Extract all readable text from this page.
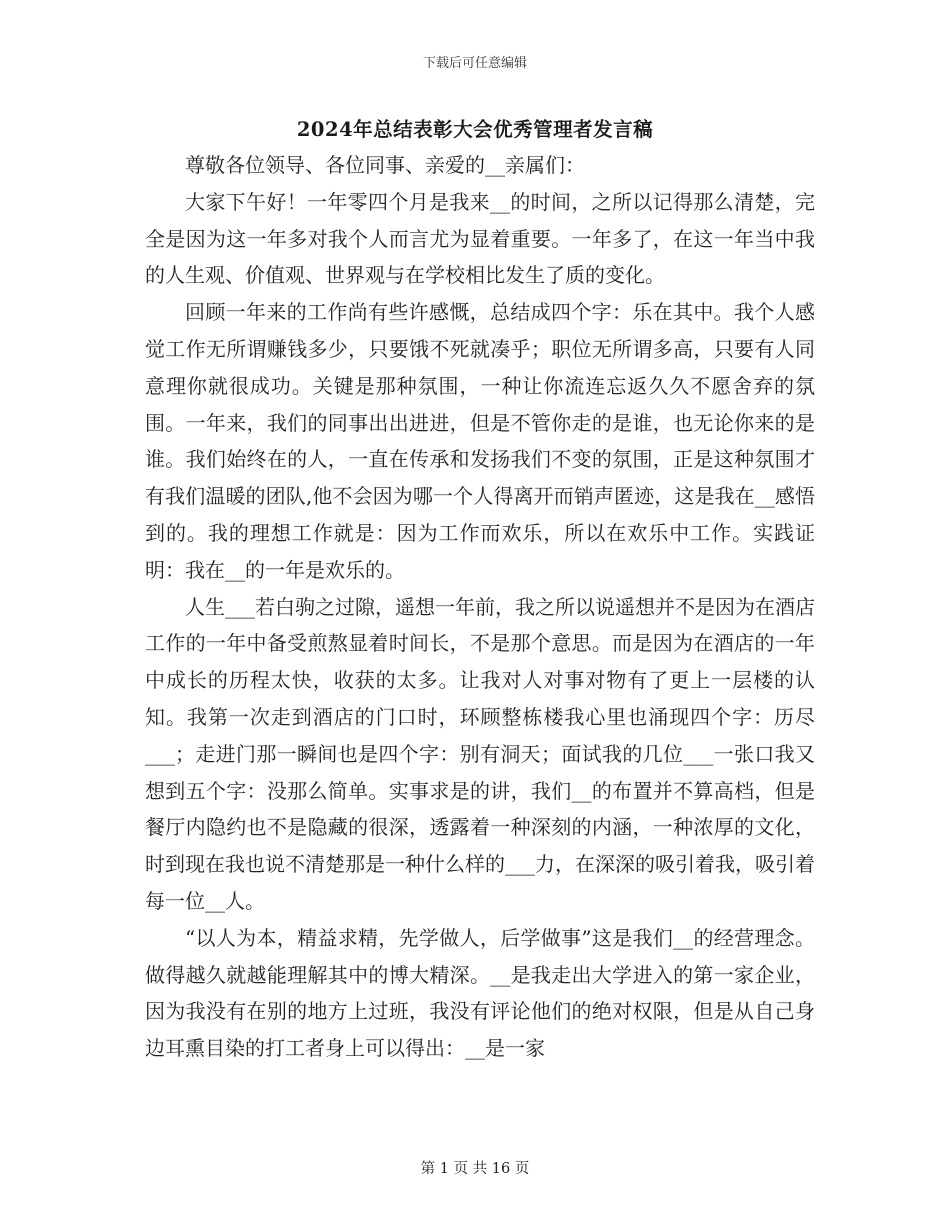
下载后可任意编辑
2024年总结表彰大会优秀管理者发言稿

尊敬各位领导、各位同事、亲爱的__亲属们：

大家下午好！一年零四个月是我来__的时间，之所以记得那么清楚，完全是因为这一年多对我个人而言尤为显着重要。一年多了，在这一年当中我的人生观、价值观、世界观与在学校相比发生了质的变化。

回顾一年来的工作尚有些许感慨，总结成四个字：乐在其中。我个人感觉工作无所谓赚钱多少，只要饿不死就凑乎；职位无所谓多高，只要有人同意理你就很成功。关键是那种氛围，一种让你流连忘返久久不愿舍弃的氛围。一年来，我们的同事出出进进，但是不管你走的是谁，也无论你来的是谁。我们始终在的人，一直在传承和发扬我们不变的氛围，正是这种氛围才有我们温暖的团队,他不会因为哪一个人得离开而销声匿迹，这是我在__感悟到的。我的理想工作就是：因为工作而欢乐，所以在欢乐中工作。实践证明：我在__的一年是欢乐的。

人生___若白驹之过隙，遥想一年前，我之所以说遥想并不是因为在酒店工作的一年中备受煎熬显着时间长，不是那个意思。而是因为在酒店的一年中成长的历程太快，收获的太多。让我对人对事对物有了更上一层楼的认知。我第一次走到酒店的门口时，环顾整栋楼我心里也涌现四个字：历尽___；走进门那一瞬间也是四个字：别有洞天；面试我的几位___一张口我又想到五个字：没那么简单。实事求是的讲，我们__的布置并不算高档，但是餐厅内隐约也不是隐藏的很深，透露着一种深刻的内涵，一种浓厚的文化，时到现在我也说不清楚那是一种什么样的___力，在深深的吸引着我，吸引着每一位__人。

“以人为本，精益求精，先学做人，后学做事”这是我们__的经营理念。做得越久就越能理解其中的博大精深。__是我走出大学进入的第一家企业，因为我没有在别的地方上过班，我没有评论他们的绝对权限，但是从自己身边耳熏目染的打工者身上可以得出：__是一家

第 1 页 共 16 页
